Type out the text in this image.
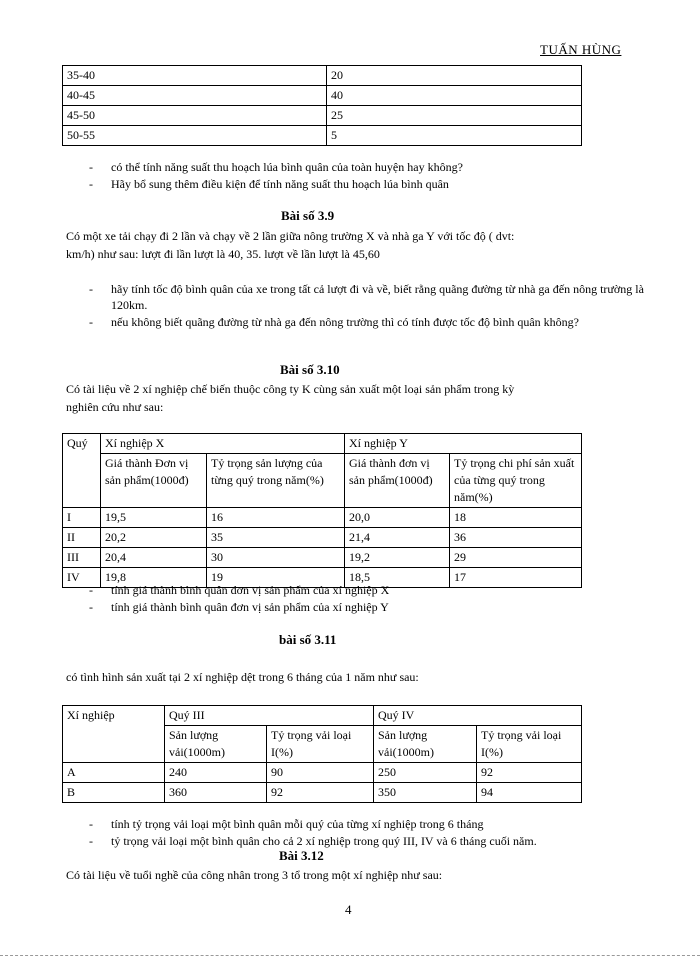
TUẤN HÙNG
35-40	20
40-45	40
45-50	25
50-55	5
- có thể tính năng suất thu hoạch lúa bình quân của toàn huyện hay không?
- Hãy bổ sung thêm điều kiện để tính năng suất thu hoạch lúa bình quân
Bài số 3.9
Có một xe tải chạy đi 2 lần và chạy về 2 lần giữa nông trường X và nhà ga Y với tốc độ ( dvt:
km/h) như sau: lượt đi lần lượt là 40, 35. lượt về lần lượt là 45,60
- hãy tính tốc độ bình quân của xe trong tất cả lượt đi và về, biết rằng quãng đường từ nhà ga đến nông trường là 120km.
- nếu không biết quãng đường từ nhà ga đến nông trường thì có tính được tốc độ bình quân không?
Bài số 3.10
Có tài liệu về 2 xí nghiệp chế biến thuộc công ty K cùng sản xuất một loại sản phẩm trong kỳ
nghiên cứu như sau:
Quý	Xí nghiệp X		Xí nghiệp Y	
	Giá thành Đơn vị sản phẩm(1000đ)	Tỷ trọng sản lượng của từng quý trong năm(%)	Giá thành đơn vị sản phẩm(1000đ)	Tỷ trọng chi phí sản xuất của từng quý trong năm(%)
I	19,5	16	20,0	18
II	20,2	35	21,4	36
III	20,4	30	19,2	29
IV	19,8	19	18,5	17
- tính giá thành bình quân đơn vị sản phẩm của xí nghiệp X
- tính giá thành bình quân đơn vị sản phẩm của xí nghiệp Y
bài số 3.11
có tình hình sản xuất tại 2 xí nghiệp dệt trong 6 tháng của 1 năm như sau:
Xí nghiệp	Quý III		Quý IV	
	Sản lượng vải(1000m)	Tỷ trọng vải loại I(%)	Sản lượng vải(1000m)	Tỷ trọng vải loại I(%)
A	240	90	250	92
B	360	92	350	94
- tính tỷ trọng vải loại một bình quân mỗi quý của từng xí nghiệp trong 6 tháng
- tỷ trọng vải loại một bình quân cho cả 2 xí nghiệp trong quý III, IV và 6 tháng cuối năm.
Bài 3.12
Có tài liệu về tuổi nghề của công nhân trong 3 tổ trong một xí nghiệp như sau:
4
